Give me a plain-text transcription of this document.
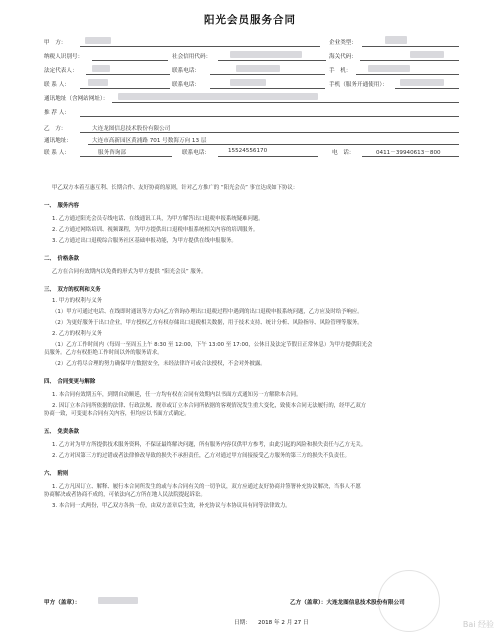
阳光会员服务合同
甲　方：	企业类型：
纳税人识别号：	社会信用代码：	海关代码：
法定代表人：	联系电话：	手　机：
联 系 人：	联系电话：	手机（服务开通使用）：
通讯地址（含网站网址）：
推 荐 人：
乙　方：	大连龙图信息技术股份有限公司
通讯地址：	大连市高新园区黄浦路 701 号数海万向 13 层
联 系 人：	服务咨询部	联系电话：	15524556170	电　话：	0411－39940613－800

甲乙双方本着互惠互利、长期合作、友好协商的原则，针对乙方推广的 “阳光会员” 事宜达成如下协议：

一、　服务内容

1. 乙方通过阳光会员专线电话、在线通讯工具，为甲方解答出口退税申报系统疑难问题。

2. 乙方通过网络培训、视频课程，为甲方提供出口退税申报系统相关内容的培训服务。

3. 乙方通过出口退税综合服务社区基础申报功能，为甲方提供在线申报服务。

二、　价格条款

乙方在合同有效期内以免费的形式为甲方提供 “阳光会员” 服务。

三、　双方的权利和义务

1. 甲方的权利与义务

（1）甲方可通过电话、在线即时通讯等方式向乙方咨询办理出口退税过程中遇到的出口退税申报系统问题，乙方应及时给予响应。

（2）为更好服务于出口企业，甲方授权乙方有权存储出口退税相关数据，用于技术支持、统计分析、风险指导、风险管理等服务。

2. 乙方的权利与义务

（1）乙方工作时间内（每周一至周五上午 8:30 至 12:00，下午 13:00 至 17:00，公休日及法定节假日正常休息）为甲方提供阳光会

员服务。乙方有权拒绝工作时间以外的服务请求。

（2）乙方将尽合理的努力确保甲方数据安全，未经法律许可或合法授权，不会对外披露。

四、　合同变更与解除

1. 本合同有效期五年，到期自动顺延，任一方均有权在合同有效期内以书面方式通知另一方解除本合同。

2. 因订立本合同所依据的法律、行政法规、规章或订立本合同所依据的客观情况发生重大变化，致使本合同无法履行的，经甲乙双方

协商一致，可变更本合同有关内容，但均应以书面方式确定。

五、　免责条款

1. 乙方对为甲方所提供技术服务资料，不保证最终解决问题，所有服务内容仅供甲方参考，由此引起的风险和损失责任与乙方无关。

2. 乙方对因第三方的过错或者法律修改导致的损失不承担责任，乙方对通过甲方间接接受乙方服务的第三方的损失不负责任。

六、　附则

1. 乙方凡因订立、解释、履行本合同所发生的或与本合同有关的一切争议，双方应通过友好协商并签署补充协议解决，当事人不愿

协商解决或者协商不成的，可依法向乙方所在地人民法院提起诉讼。

3. 本合同一式两份，甲乙双方各执一份，由双方盖章后生效，补充协议与本协议具有同等法律效力。

甲方（盖章）：	乙方（盖章）：大连龙图信息技术股份有限公司
日期： 2018 年 2 月 27 日	Bai 经验
